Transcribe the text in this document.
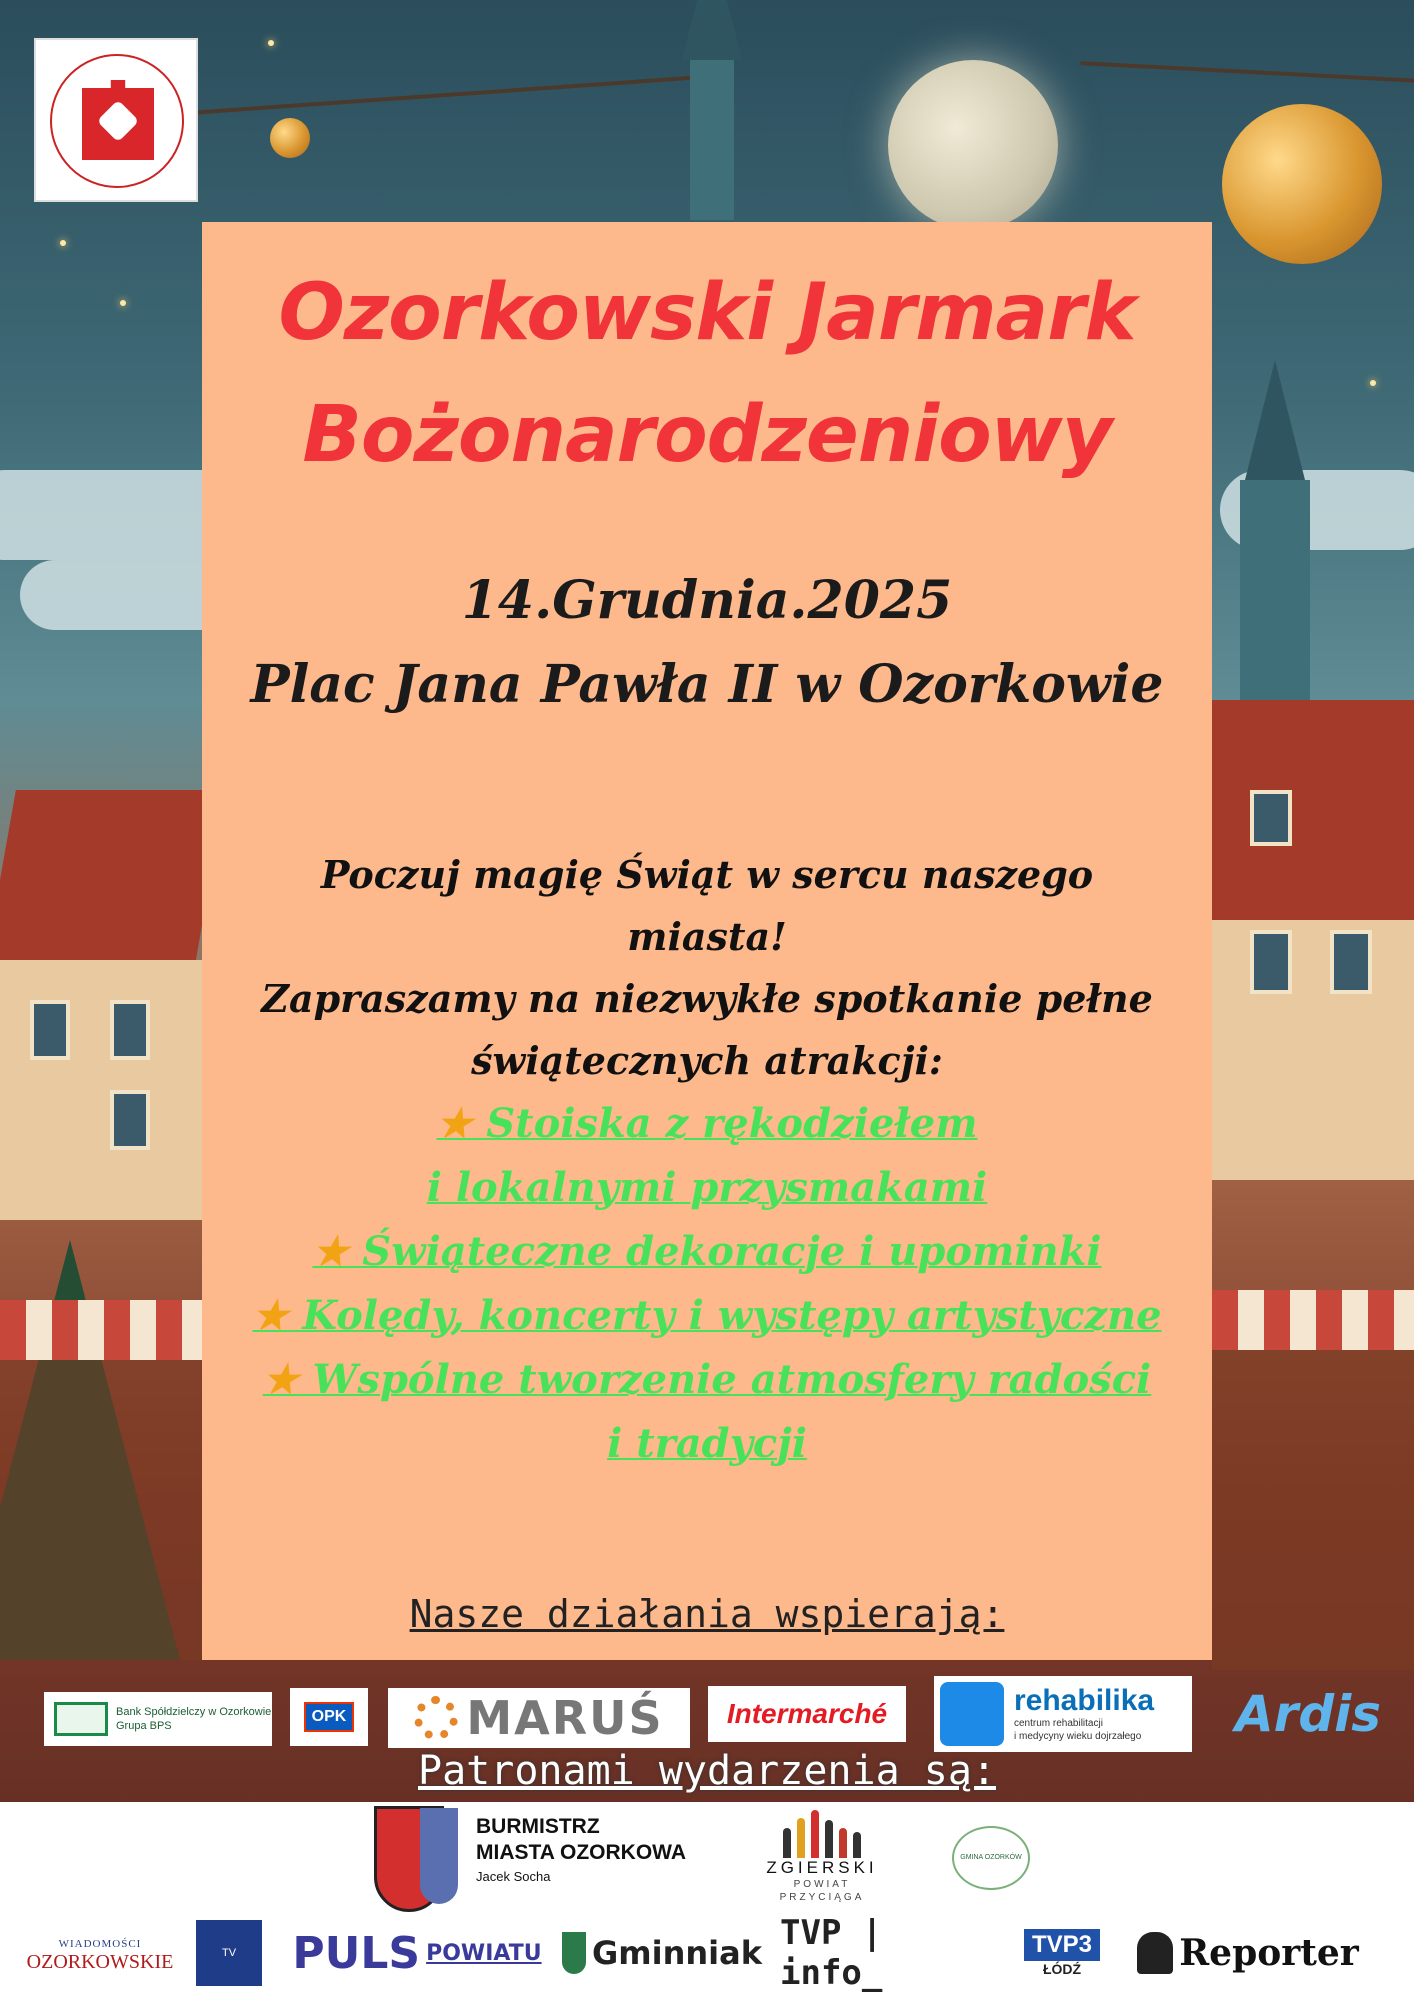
Ozorkowski Jarmark
Bożonarodzeniowy
14.Grudnia.2025
Plac Jana Pawła II w Ozorkowie
Poczuj magię Świąt w sercu naszego miasta!
Zapraszamy na niezwykłe spotkanie pełne
świątecznych atrakcji:
★ Stoiska z rękodziełem
i lokalnymi przysmakami
★ Świąteczne dekoracje i upominki
★ Kolędy, koncerty i występy artystyczne
★ Wspólne tworzenie atmosfery radości
i tradycji
Nasze działania wspierają:
Bank Spółdzielczy w Ozorkowie
Grupa BPS
OPK	MARUŚ Intermarché	rehabilika
centrum rehabilitacji
i medycyny wieku dojrzałego Ardis
Patronami wydarzenia są:
BURMISTRZ
MIASTA OZORKOWA
Jacek Socha	ZGIERSKI
POWIAT
PRZYCIĄGA
GMINA OZORKÓW
WIADOMOŚCI
OZORKOWSKIE	TV	PULS POWIATU Gminniak TVP | info_
TVP3
ŁÓDŹ	Reporter
